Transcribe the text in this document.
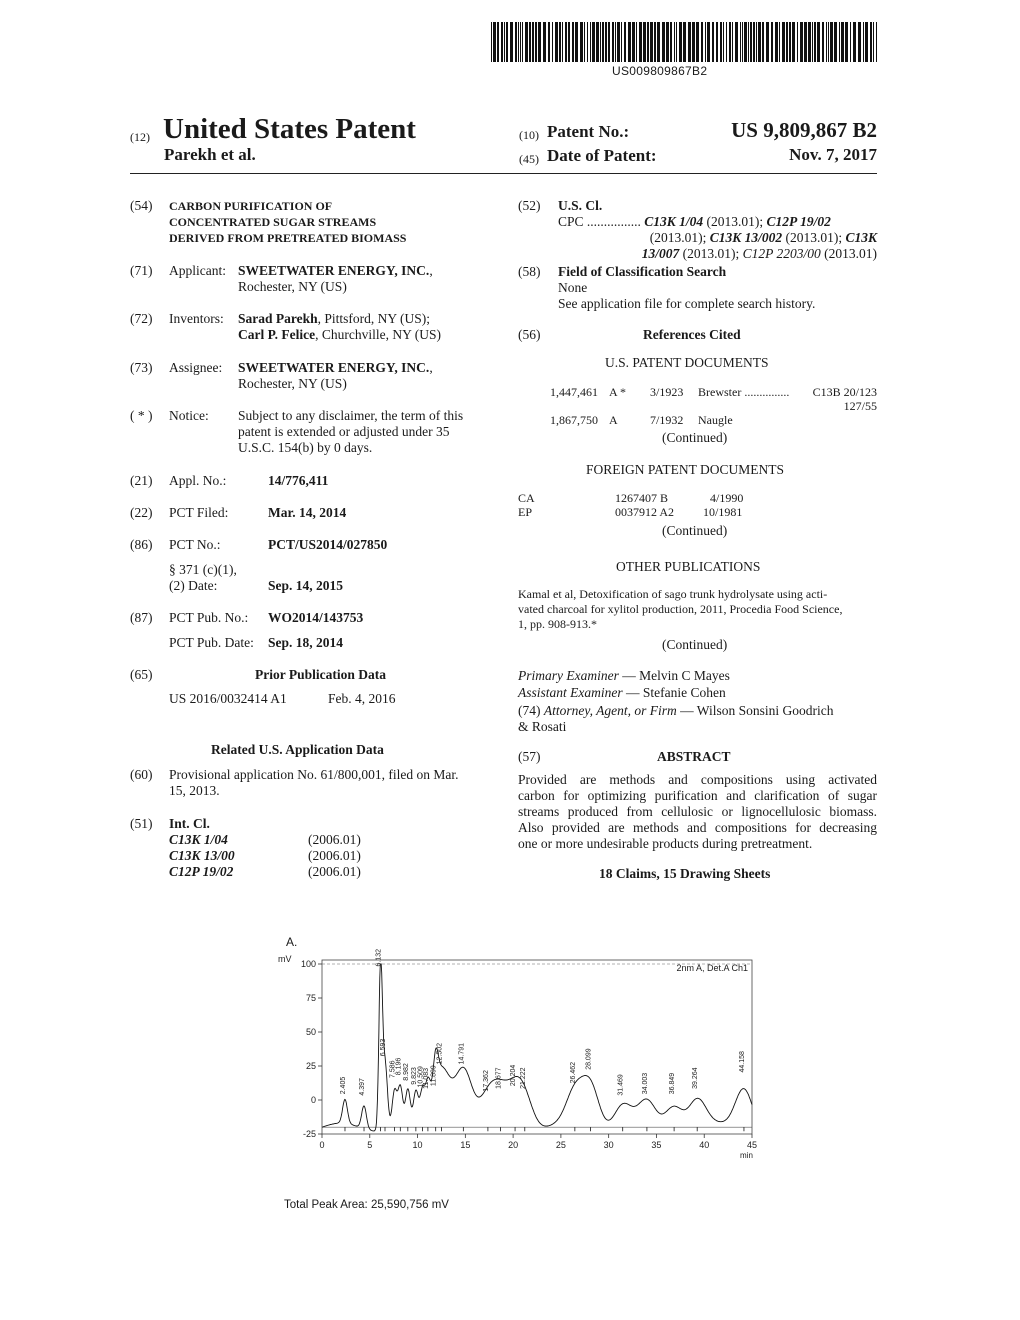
US009809867B2
(12) United States Patent
Parekh et al.
(10) Patent No.:	US 9,809,867 B2
(45) Date of Patent:	Nov. 7, 2017
(54) CARBON PURIFICATION OF
CONCENTRATED SUGAR STREAMS
DERIVED FROM PRETREATED BIOMASS
(71) Applicant: SWEETWATER ENERGY, INC.,
Rochester, NY (US)
(72) Inventors: Sarad Parekh, Pittsford, NY (US);
Carl P. Felice, Churchville, NY (US)
(73) Assignee: SWEETWATER ENERGY, INC.,
Rochester, NY (US)
( * ) Notice: Subject to any disclaimer, the term of this
patent is extended or adjusted under 35
U.S.C. 154(b) by 0 days.
(21) Appl. No.:	14/776,411
(22) PCT Filed:	Mar. 14, 2014
(86) PCT No.:	PCT/US2014/027850
§ 371 (c)(1),
(2) Date:	Sep. 14, 2015
(87) PCT Pub. No.: WO2014/143753
PCT Pub. Date: Sep. 18, 2014
(65)	Prior Publication Data
US 2016/0032414 A1	Feb. 4, 2016
Related U.S. Application Data
(60) Provisional application No. 61/800,001, filed on Mar.
15, 2013.
(51) Int. Cl.
C13K 1/04	(2006.01)
C13K 13/00	(2006.01)
C12P 19/02	(2006.01)
(52) U.S. Cl.
CPC ................ C13K 1/04 (2013.01); C12P 19/02
(2013.01); C13K 13/002 (2013.01); C13K
13/007 (2013.01); C12P 2203/00 (2013.01)
(58) Field of Classification Search
None
See application file for complete search history.
(56)	References Cited
U.S. PATENT DOCUMENTS
1,447,461 A * 3/1923 Brewster ............... C13B 20/123
127/55
1,867,750 A	7/1932 Naugle
(Continued)
FOREIGN PATENT DOCUMENTS
CA	1267407 B	4/1990
EP	0037912 A2 10/1981
(Continued)
OTHER PUBLICATIONS
Kamal et al, Detoxification of sago trunk hydrolysate using acti-
vated charcoal for xylitol production, 2011, Procedia Food Science,
1, pp. 908-913.*
(Continued)
Primary Examiner — Melvin C Mayes
Assistant Examiner — Stefanie Cohen
(74) Attorney, Agent, or Firm — Wilson Sonsini Goodrich
& Rosati
(57)	ABSTRACT
Provided are methods and compositions using activated
carbon for optimizing purification and clarification of sugar
streams produced from cellulosic or lignocellulosic biomass.
Also provided are methods and compositions for decreasing
one or more undesirable products during pretreatment.
18 Claims, 15 Drawing Sheets
A.
100
75
50
25
0
-25
0	5	10	15	20	25	30	35	40	45
mV
min
2nm A, Det.A Ch1
2.405 4.397
6.132
6.593
7.586
8.196 8.982 9.823 10.509
11.083 11.899
12.502 14.791
17.362 18.677 20.204 21.222	26.462
28.099
31.469 34.003	36.849 39.264
44.158
Total Peak Area: 25,590,756 mV
